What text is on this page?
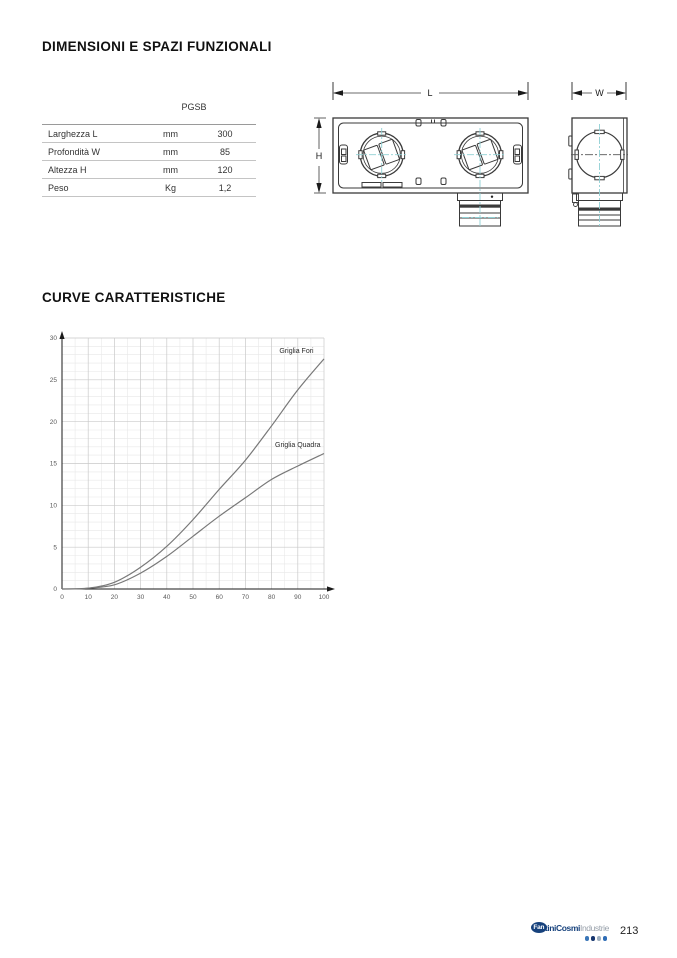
DIMENSIONI E SPAZI FUNZIONALI
PGSB
Larghezza L	mm	300
Profondità W	mm	85
Altezza H	mm	120
Peso	Kg	1,2
L
H
W
CURVE CARATTERISTICHE
0	10	20	30	40	50	60	70	80	90	100
0
5
10
15
20
25
30
Griglia Fori
Griglia Quadra
Fan tiniCosmi Industrie 213
